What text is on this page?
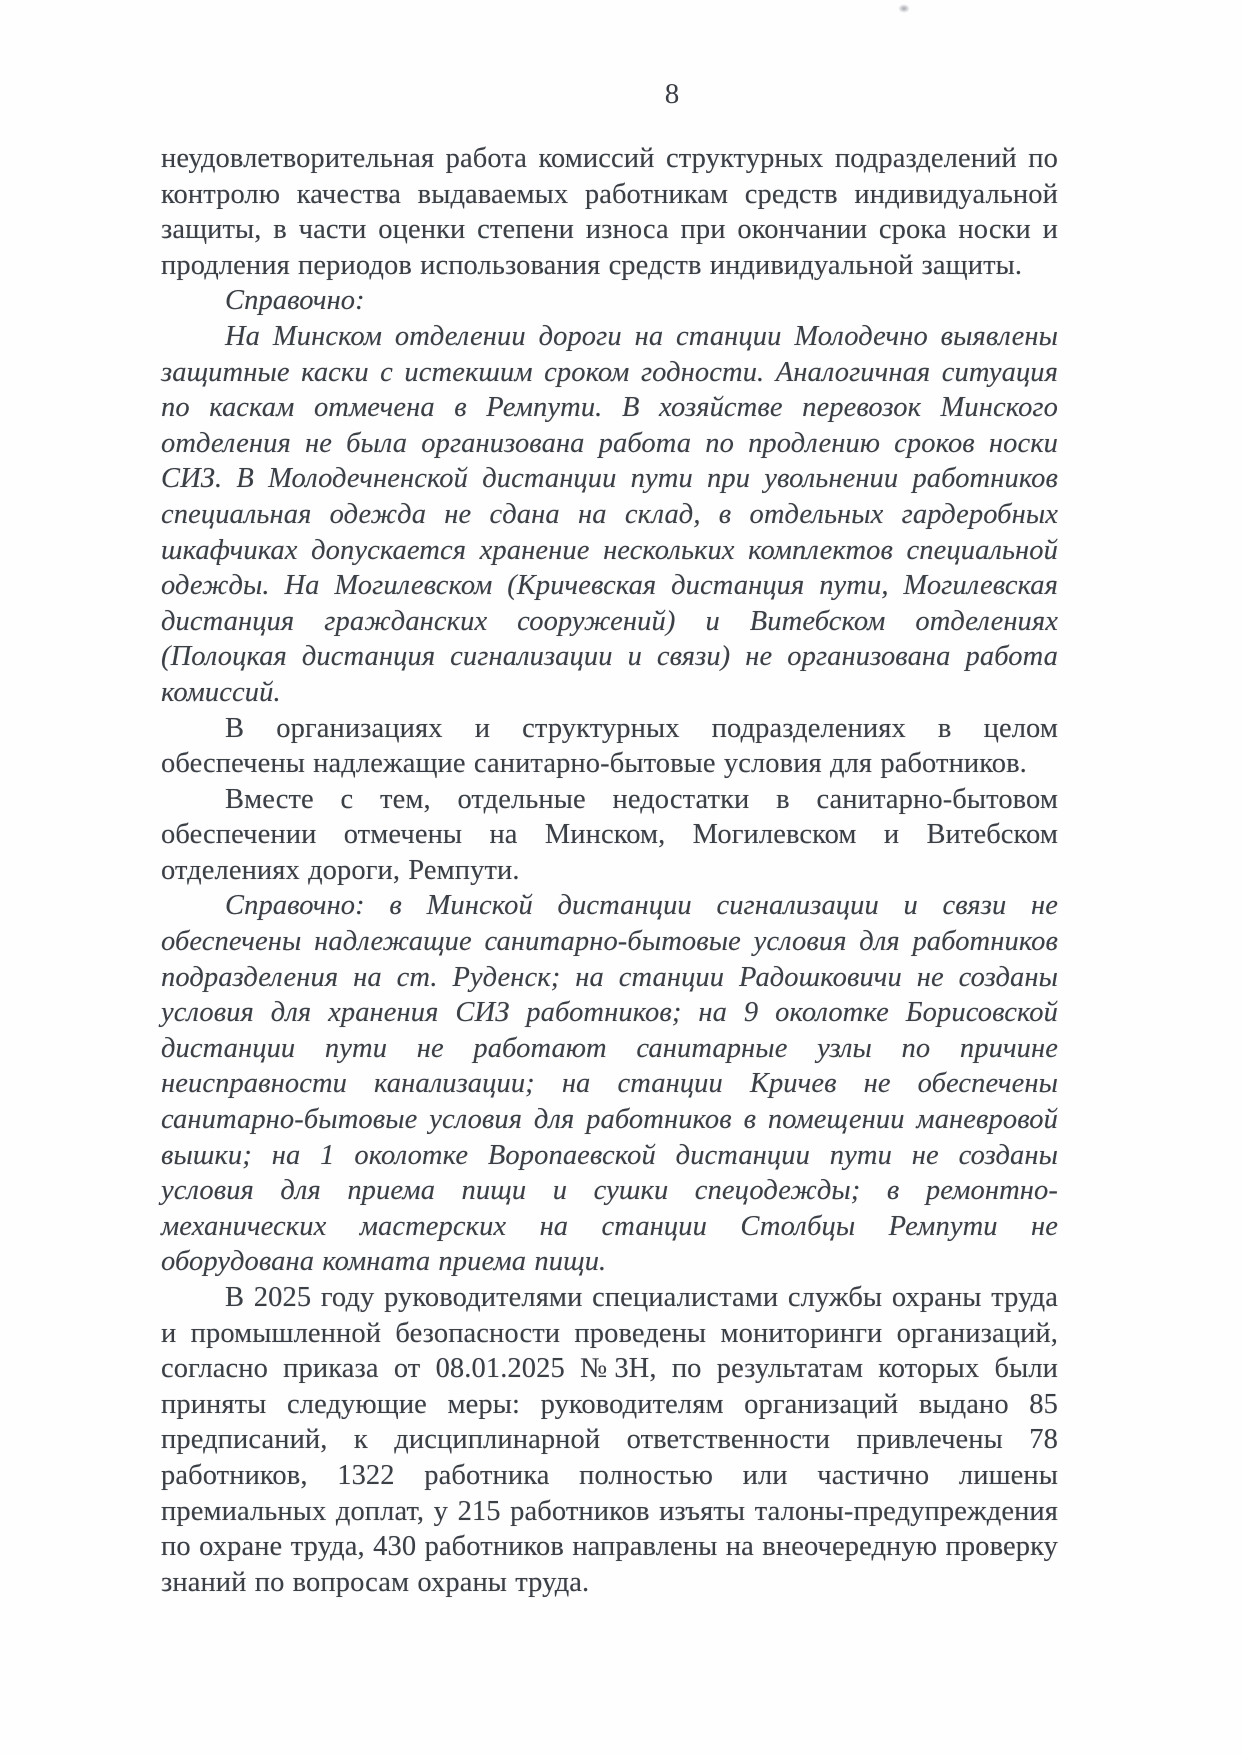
8

неудовлетворительная работа комиссий структурных подразделений по контролю качества выдаваемых работникам средств индивидуальной защиты, в части оценки степени износа при окончании срока носки и продления периодов использования средств индивидуальной защиты.

Справочно:

На Минском отделении дороги на станции Молодечно выявлены защитные каски с истекшим сроком годности. Аналогичная ситуация по каскам отмечена в Ремпути. В хозяйстве перевозок Минского отделения не была организована работа по продлению сроков носки СИЗ. В Молодечненской дистанции пути при увольнении работников специальная одежда не сдана на склад, в отдельных гардеробных шкафчиках допускается хранение нескольких комплектов специальной одежды. На Могилевском (Кричевская дистанция пути, Могилевская дистанция гражданских сооружений) и Витебском отделениях (Полоцкая дистанция сигнализации и связи) не организована работа комиссий.

В организациях и структурных подразделениях в целом обеспечены надлежащие санитарно-бытовые условия для работников.

Вместе с тем, отдельные недостатки в санитарно-бытовом обеспечении отмечены на Минском, Могилевском и Витебском отделениях дороги, Ремпути.

Справочно: в Минской дистанции сигнализации и связи не обеспечены надлежащие санитарно-бытовые условия для работников подразделения на ст. Руденск; на станции Радошковичи не созданы условия для хранения СИЗ работников; на 9 околотке Борисовской дистанции пути не работают санитарные узлы по причине неисправности канализации; на станции Кричев не обеспечены санитарно-бытовые условия для работников в помещении маневровой вышки; на 1 околотке Воропаевской дистанции пути не созданы условия для приема пищи и сушки спецодежды; в ремонтно-механических мастерских на станции Столбцы Ремпути не оборудована комната приема пищи.

В 2025 году руководителями специалистами службы охраны труда и промышленной безопасности проведены мониторинги организаций, согласно приказа от 08.01.2025 №3Н, по результатам которых были приняты следующие меры: руководителям организаций выдано 85 предписаний, к дисциплинарной ответственности привлечены 78 работников, 1322 работника полностью или частично лишены премиальных доплат, у 215 работников изъяты талоны-предупреждения по охране труда, 430 работников направлены на внеочередную проверку знаний по вопросам охраны труда.
